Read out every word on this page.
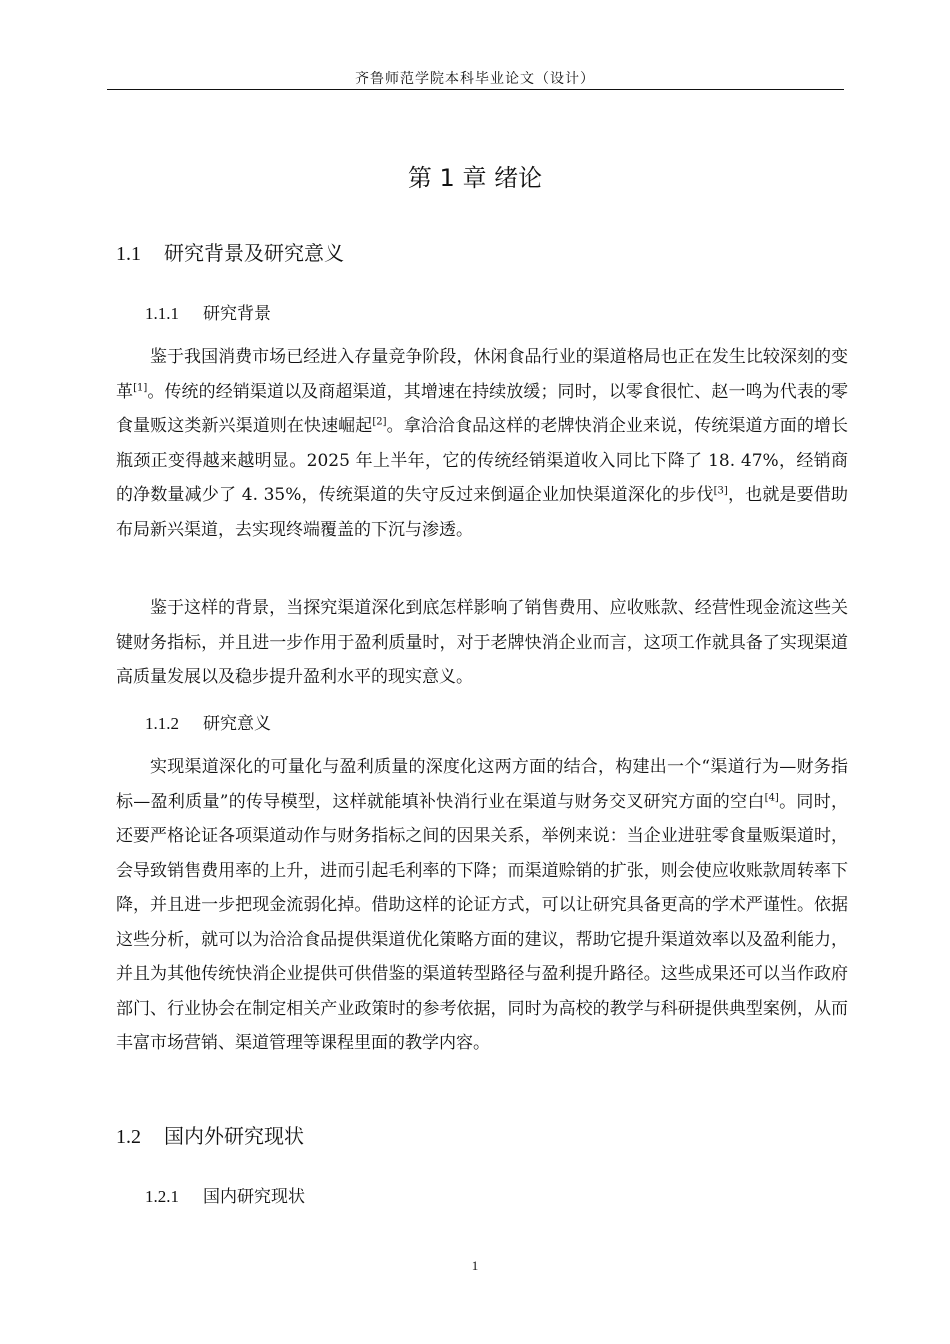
齐鲁师范学院本科毕业论文（设计）
第 1 章 绪论
1.1 研究背景及研究意义
1.1.1 研究背景
鉴于我国消费市场已经进入存量竞争阶段，休闲食品行业的渠道格局也正在发生比较深刻的变革[1]。传统的经销渠道以及商超渠道，其增速在持续放缓；同时，以零食很忙、赵一鸣为代表的零食量贩这类新兴渠道则在快速崛起[2]。拿洽洽食品这样的老牌快消企业来说，传统渠道方面的增长瓶颈正变得越来越明显。2025 年上半年，它的传统经销渠道收入同比下降了 18. 47%，经销商的净数量减少了 4. 35%，传统渠道的失守反过来倒逼企业加快渠道深化的步伐[3]，也就是要借助布局新兴渠道，去实现终端覆盖的下沉与渗透。
鉴于这样的背景，当探究渠道深化到底怎样影响了销售费用、应收账款、经营性现金流这些关键财务指标，并且进一步作用于盈利质量时，对于老牌快消企业而言，这项工作就具备了实现渠道高质量发展以及稳步提升盈利水平的现实意义。
1.1.2 研究意义
实现渠道深化的可量化与盈利质量的深度化这两方面的结合，构建出一个“渠道行为—财务指标—盈利质量”的传导模型，这样就能填补快消行业在渠道与财务交叉研究方面的空白[4]。同时，还要严格论证各项渠道动作与财务指标之间的因果关系，举例来说：当企业进驻零食量贩渠道时，会导致销售费用率的上升，进而引起毛利率的下降；而渠道赊销的扩张，则会使应收账款周转率下降，并且进一步把现金流弱化掉。借助这样的论证方式，可以让研究具备更高的学术严谨性。依据这些分析，就可以为洽洽食品提供渠道优化策略方面的建议，帮助它提升渠道效率以及盈利能力，并且为其他传统快消企业提供可供借鉴的渠道转型路径与盈利提升路径。这些成果还可以当作政府部门、行业协会在制定相关产业政策时的参考依据，同时为高校的教学与科研提供典型案例，从而丰富市场营销、渠道管理等课程里面的教学内容。
1.2 国内外研究现状
1.2.1 国内研究现状
1
